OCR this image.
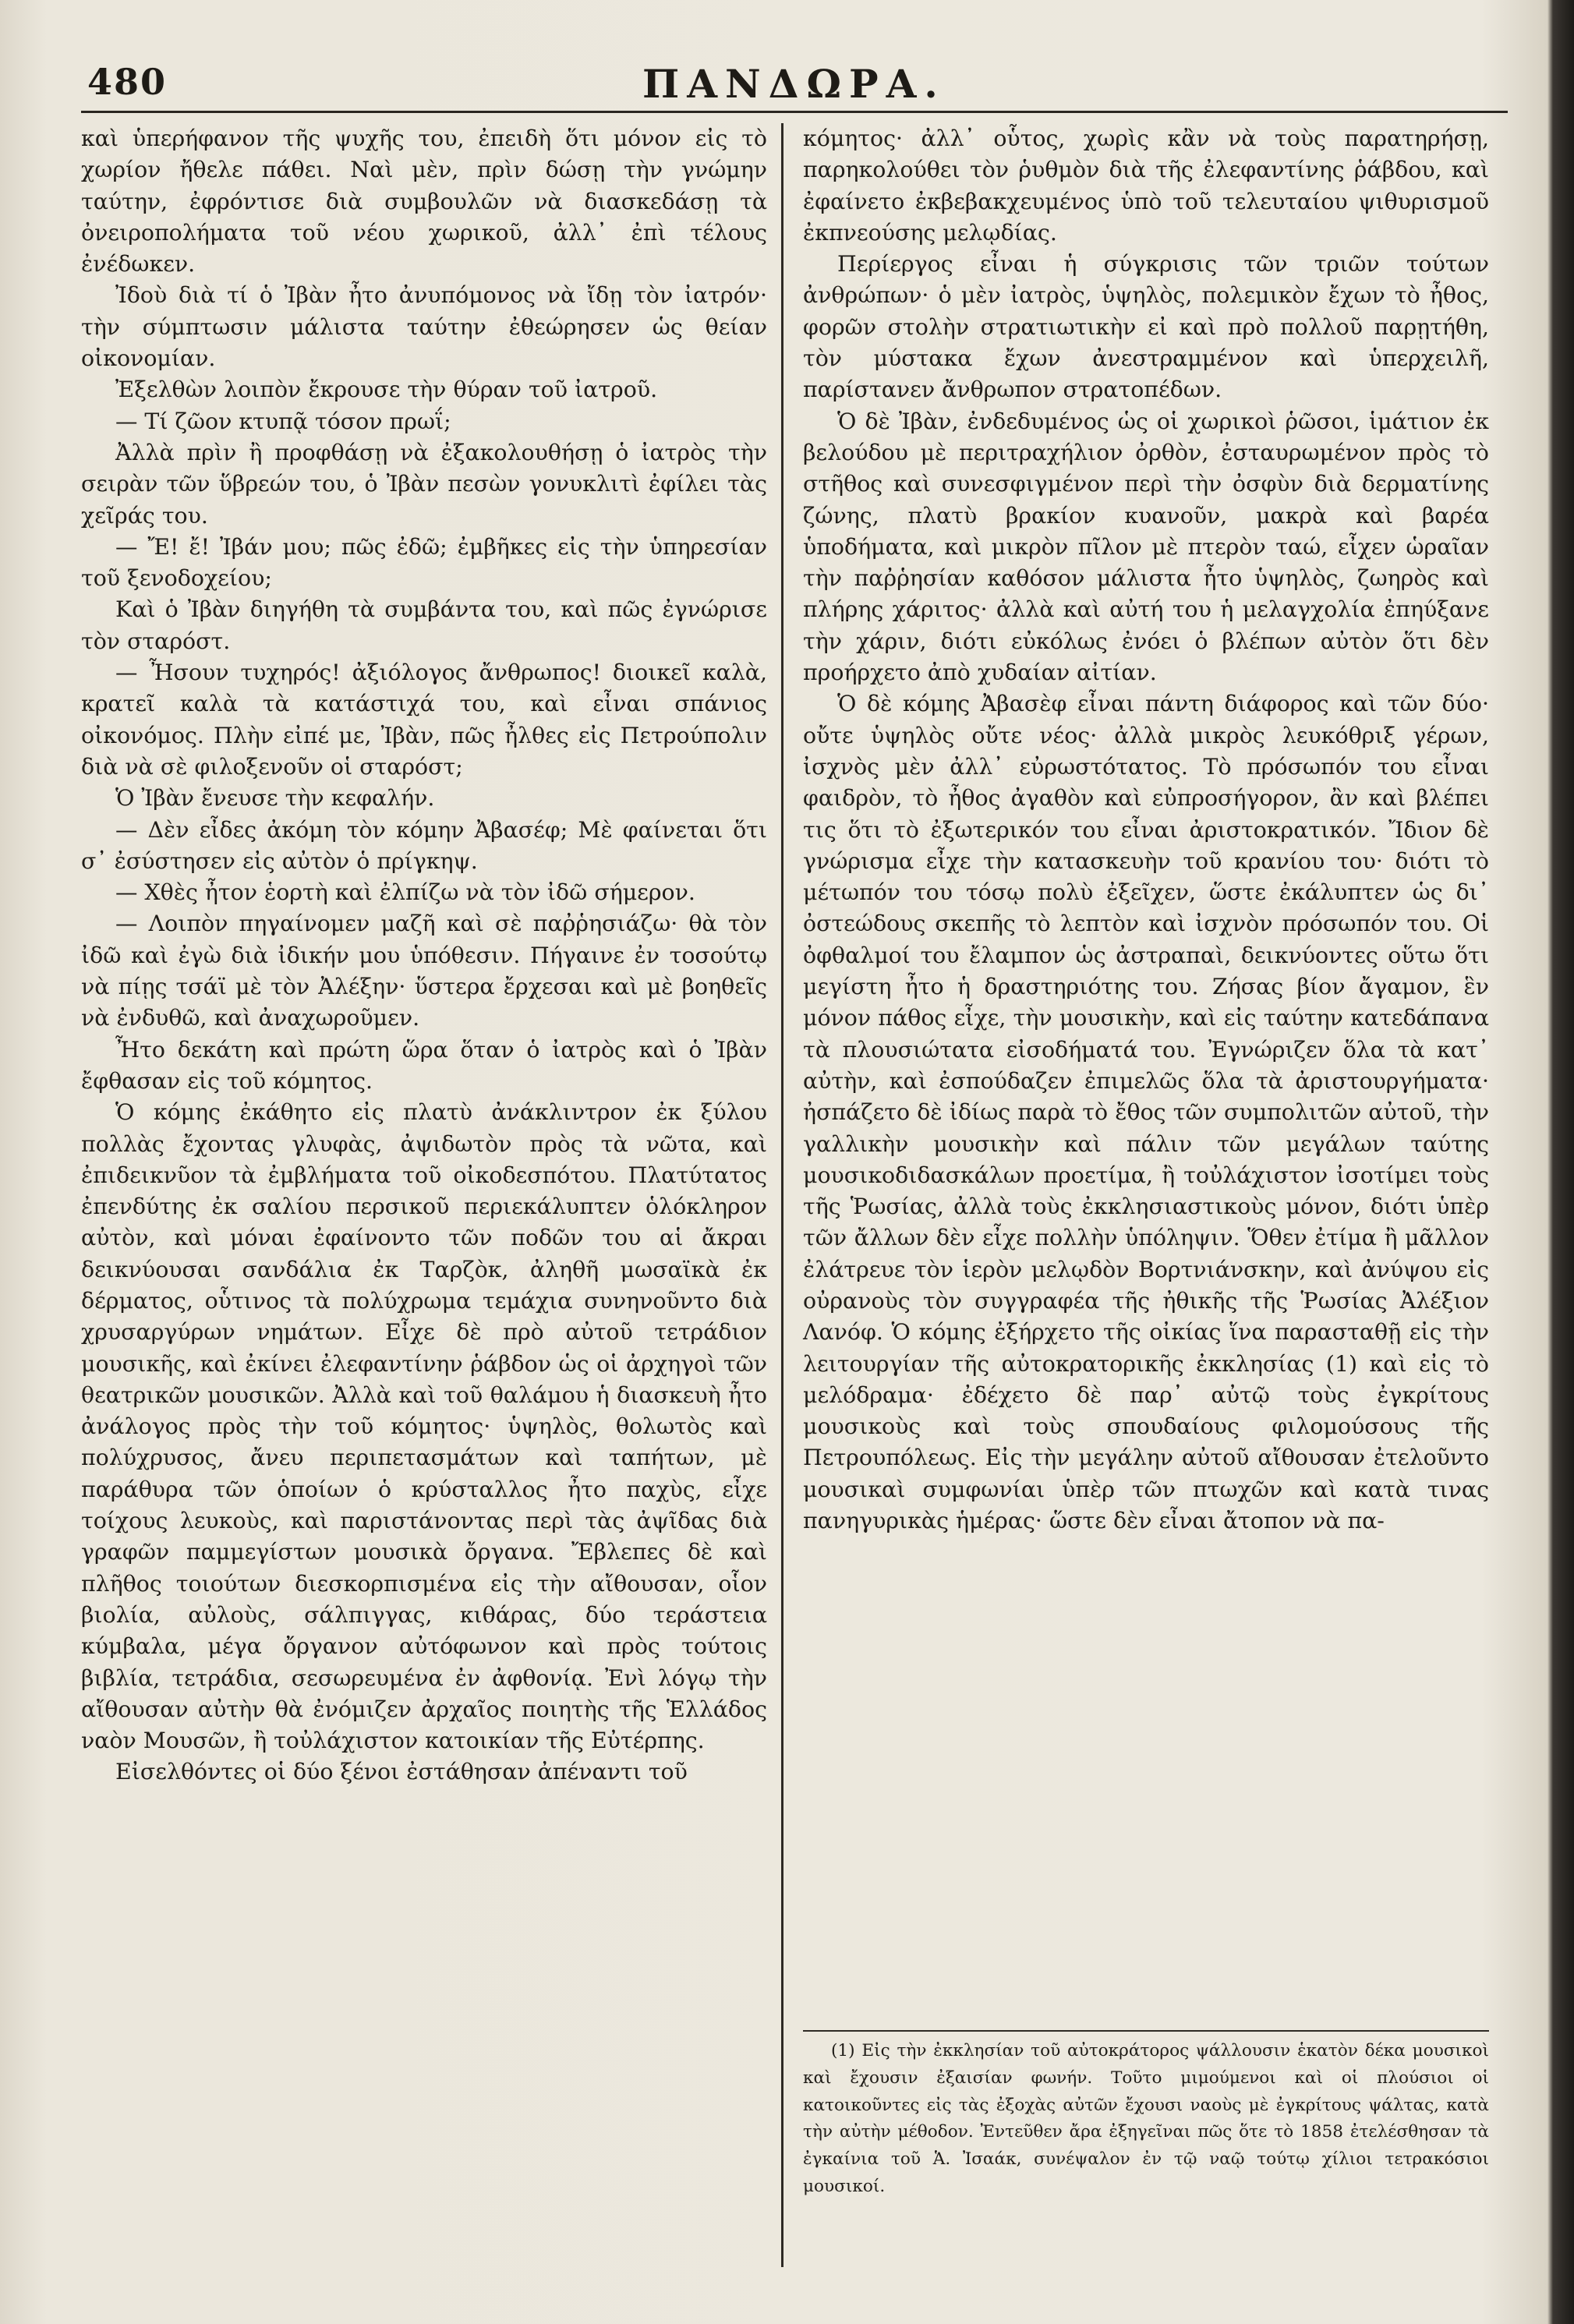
480	ΠΑΝΔΩΡΑ.

καὶ ὑπερήφανον τῆς ψυχῆς του, ἐπειδὴ ὅτι μόνον εἰς τὸ χωρίον ἤθελε πάθει. Ναὶ μὲν, πρὶν δώσῃ τὴν γνώμην ταύτην, ἐφρόντισε διὰ συμβουλῶν νὰ διασκεδάσῃ τὰ ὀνειροπολήματα τοῦ νέου χωρικοῦ, ἀλλ᾽ ἐπὶ τέλους ἐνέδωκεν.

Ἰδοὺ διὰ τί ὁ Ἰβὰν ἦτο ἀνυπόμονος νὰ ἴδῃ τὸν ἰατρόν· τὴν σύμπτωσιν μάλιστα ταύτην ἐθεώρησεν ὡς θείαν οἰκονομίαν.

Ἐξελθὼν λοιπὸν ἔκρουσε τὴν θύραν τοῦ ἰατροῦ.

— Τί ζῶον κτυπᾷ τόσον πρωΐ;

Ἀλλὰ πρὶν ἢ προφθάσῃ νὰ ἐξακολουθήσῃ ὁ ἰατρὸς τὴν σειρὰν τῶν ὕβρεών του, ὁ Ἰβὰν πεσὼν γονυκλιτὶ ἐφίλει τὰς χεῖράς του.

— Ἔ! ἔ! Ἰβάν μου; πῶς ἐδῶ; ἐμβῆκες εἰς τὴν ὑπηρεσίαν τοῦ ξενοδοχείου;

Καὶ ὁ Ἰβὰν διηγήθη τὰ συμβάντα του, καὶ πῶς ἐγνώρισε τὸν σταρόστ.

— Ἦσουν τυχηρός! ἀξιόλογος ἄνθρωπος! διοικεῖ καλὰ, κρατεῖ καλὰ τὰ κατάστιχά του, καὶ εἶναι σπάνιος οἰκονόμος. Πλὴν εἰπέ με, Ἰβὰν, πῶς ἦλθες εἰς Πετρούπολιν διὰ νὰ σὲ φιλοξενοῦν οἱ σταρόστ;

Ὁ Ἰβὰν ἔνευσε τὴν κεφαλήν.

— Δὲν εἶδες ἀκόμη τὸν κόμην Ἀβασέφ; Μὲ φαίνεται ὅτι σ᾽ ἐσύστησεν εἰς αὐτὸν ὁ πρίγκηψ.

— Χθὲς ἦτον ἑορτὴ καὶ ἐλπίζω νὰ τὸν ἰδῶ σήμερον.

— Λοιπὸν πηγαίνομεν μαζῆ καὶ σὲ παῤῥησιάζω· θὰ τὸν ἰδῶ καὶ ἐγὼ διὰ ἰδικήν μου ὑπόθεσιν. Πήγαινε ἐν τοσούτῳ νὰ πίῃς τσάϊ μὲ τὸν Ἀλέξην· ὕστερα ἔρχεσαι καὶ μὲ βοηθεῖς νὰ ἐνδυθῶ, καὶ ἀναχωροῦμεν.

Ἦτο δεκάτη καὶ πρώτη ὥρα ὅταν ὁ ἰατρὸς καὶ ὁ Ἰβὰν ἔφθασαν εἰς τοῦ κόμητος.

Ὁ κόμης ἐκάθητο εἰς πλατὺ ἀνάκλιντρον ἐκ ξύλου πολλὰς ἔχοντας γλυφὰς, ἀψιδωτὸν πρὸς τὰ νῶτα, καὶ ἐπιδεικνῦον τὰ ἐμβλήματα τοῦ οἰκοδεσπότου. Πλατύτατος ἐπενδύτης ἐκ σαλίου περσικοῦ περιεκάλυπτεν ὁλόκληρον αὐτὸν, καὶ μόναι ἐφαίνοντο τῶν ποδῶν του αἱ ἄκραι δεικνύουσαι σανδάλια ἐκ Ταρζὸκ, ἀληθῆ μωσαϊκὰ ἐκ δέρματος, οὗτινος τὰ πολύχρωμα τεμάχια συνηνοῦντο διὰ χρυσαργύρων νημάτων. Εἶχε δὲ πρὸ αὐτοῦ τετράδιον μουσικῆς, καὶ ἐκίνει ἐλεφαντίνην ῥάβδον ὡς οἱ ἀρχηγοὶ τῶν θεατρικῶν μουσικῶν. Ἀλλὰ καὶ τοῦ θαλάμου ἡ διασκευὴ ἦτο ἀνάλογος πρὸς τὴν τοῦ κόμητος· ὑψηλὸς, θολωτὸς καὶ πολύχρυσος, ἄνευ περιπετασμάτων καὶ ταπήτων, μὲ παράθυρα τῶν ὁποίων ὁ κρύσταλλος ἦτο παχὺς, εἶχε τοίχους λευκοὺς, καὶ παριστάνοντας περὶ τὰς ἀψῖδας διὰ γραφῶν παμμεγίστων μουσικὰ ὄργανα. Ἔβλεπες δὲ καὶ πλῆθος τοιούτων διεσκορπισμένα εἰς τὴν αἴθουσαν, οἷον βιολία, αὐλοὺς, σάλπιγγας, κιθάρας, δύο τεράστεια κύμβαλα, μέγα ὄργανον αὐτόφωνον καὶ πρὸς τούτοις βιβλία, τετράδια, σεσωρευμένα ἐν ἀφθονίᾳ. Ἐνὶ λόγῳ τὴν αἴθουσαν αὐτὴν θὰ ἐνόμιζεν ἀρχαῖος ποιητὴς τῆς Ἑλλάδος ναὸν Μουσῶν, ἢ τοὐλάχιστον κατοικίαν τῆς Εὐτέρπης.

Εἰσελθόντες οἱ δύο ξένοι ἐστάθησαν ἀπέναντι τοῦ

κόμητος· ἀλλ᾽ οὗτος, χωρὶς κἂν νὰ τοὺς παρατηρήσῃ, παρηκολούθει τὸν ῥυθμὸν διὰ τῆς ἐλεφαντίνης ῥάβδου, καὶ ἐφαίνετο ἐκβεβακχευμένος ὑπὸ τοῦ τελευταίου ψιθυρισμοῦ ἐκπνεούσης μελῳδίας.

Περίεργος εἶναι ἡ σύγκρισις τῶν τριῶν τούτων ἀνθρώπων· ὁ μὲν ἰατρὸς, ὑψηλὸς, πολεμικὸν ἔχων τὸ ἦθος, φορῶν στολὴν στρατιωτικὴν εἰ καὶ πρὸ πολλοῦ παρῃτήθη, τὸν μύστακα ἔχων ἀνεστραμμένον καὶ ὑπερχειλῆ, παρίστανεν ἄνθρωπον στρατοπέδων.

Ὁ δὲ Ἰβὰν, ἐνδεδυμένος ὡς οἱ χωρικοὶ ῥῶσοι, ἱμάτιον ἐκ βελούδου μὲ περιτραχήλιον ὀρθὸν, ἐσταυρωμένον πρὸς τὸ στῆθος καὶ συνεσφιγμένον περὶ τὴν ὀσφὺν διὰ δερματίνης ζώνης, πλατὺ βρακίον κυανοῦν, μακρὰ καὶ βαρέα ὑποδήματα, καὶ μικρὸν πῖλον μὲ πτερὸν ταώ, εἶχεν ὡραῖαν τὴν παῤῥησίαν καθόσον μάλιστα ἦτο ὑψηλὸς, ζωηρὸς καὶ πλήρης χάριτος· ἀλλὰ καὶ αὐτή του ἡ μελαγχολία ἐπηύξανε τὴν χάριν, διότι εὐκόλως ἐνόει ὁ βλέπων αὐτὸν ὅτι δὲν προήρχετο ἀπὸ χυδαίαν αἰτίαν.

Ὁ δὲ κόμης Ἀβασὲφ εἶναι πάντη διάφορος καὶ τῶν δύο· οὔτε ὑψηλὸς οὔτε νέος· ἀλλὰ μικρὸς λευκόθριξ γέρων, ἰσχνὸς μὲν ἀλλ᾽ εὐρωστότατος. Τὸ πρόσωπόν του εἶναι φαιδρὸν, τὸ ἦθος ἀγαθὸν καὶ εὐπροσήγορον, ἂν καὶ βλέπει τις ὅτι τὸ ἐξωτερικόν του εἶναι ἀριστοκρατικόν. Ἴδιον δὲ γνώρισμα εἶχε τὴν κατασκευὴν τοῦ κρανίου του· διότι τὸ μέτωπόν του τόσῳ πολὺ ἐξεῖχεν, ὥστε ἐκάλυπτεν ὡς δι᾽ ὀστεώδους σκεπῆς τὸ λεπτὸν καὶ ἰσχνὸν πρόσωπόν του. Οἱ ὀφθαλμοί του ἔλαμπον ὡς ἀστραπαὶ, δεικνύοντες οὕτω ὅτι μεγίστη ἦτο ἡ δραστηριότης του. Ζήσας βίον ἄγαμον, ἓν μόνον πάθος εἶχε, τὴν μουσικὴν, καὶ εἰς ταύτην κατεδάπανα τὰ πλουσιώτατα εἰσοδήματά του. Ἐγνώριζεν ὅλα τὰ κατ᾽ αὐτὴν, καὶ ἐσπούδαζεν ἐπιμελῶς ὅλα τὰ ἀριστουργήματα· ἠσπάζετο δὲ ἰδίως παρὰ τὸ ἔθος τῶν συμπολιτῶν αὐτοῦ, τὴν γαλλικὴν μουσικὴν καὶ πάλιν τῶν μεγάλων ταύτης μουσικοδιδασκάλων προετίμα, ἢ τοὐλάχιστον ἰσοτίμει τοὺς τῆς Ῥωσίας, ἀλλὰ τοὺς ἐκκλησιαστικοὺς μόνον, διότι ὑπὲρ τῶν ἄλλων δὲν εἶχε πολλὴν ὑπόληψιν. Ὅθεν ἐτίμα ἢ μᾶλλον ἐλάτρευε τὸν ἱερὸν μελῳδὸν Βορτνιάνσκην, καὶ ἀνύψου εἰς οὐρανοὺς τὸν συγγραφέα τῆς ἠθικῆς τῆς Ῥωσίας Ἀλέξιον Λανόφ. Ὁ κόμης ἐξήρχετο τῆς οἰκίας ἵνα παρασταθῇ εἰς τὴν λειτουργίαν τῆς αὐτοκρατορικῆς ἐκκλησίας (1) καὶ εἰς τὸ μελόδραμα· ἐδέχετο δὲ παρ᾽ αὐτῷ τοὺς ἐγκρίτους μουσικοὺς καὶ τοὺς σπουδαίους φιλομούσους τῆς Πετρουπόλεως. Εἰς τὴν μεγάλην αὐτοῦ αἴθουσαν ἐτελοῦντο μουσικαὶ συμφωνίαι ὑπὲρ τῶν πτωχῶν καὶ κατὰ τινας πανηγυρικὰς ἡμέρας· ὥστε δὲν εἶναι ἄτοπον νὰ πα-

(1) Εἰς τὴν ἐκκλησίαν τοῦ αὐτοκράτορος ψάλλουσιν ἑκατὸν δέκα μουσικοὶ καὶ ἔχουσιν ἐξαισίαν φωνήν. Τοῦτο μιμούμενοι καὶ οἱ πλούσιοι οἱ κατοικοῦντες εἰς τὰς ἐξοχὰς αὐτῶν ἔχουσι ναοὺς μὲ ἐγκρίτους ψάλτας, κατὰ τὴν αὐτὴν μέθοδον. Ἐντεῦθεν ἄρα ἐξηγεῖναι πῶς ὅτε τὸ 1858 ἐτελέσθησαν τὰ ἐγκαίνια τοῦ Ἁ. Ἰσαάκ, συνέψαλον ἐν τῷ ναῷ τούτῳ χίλιοι τετρακόσιοι μουσικοί.
